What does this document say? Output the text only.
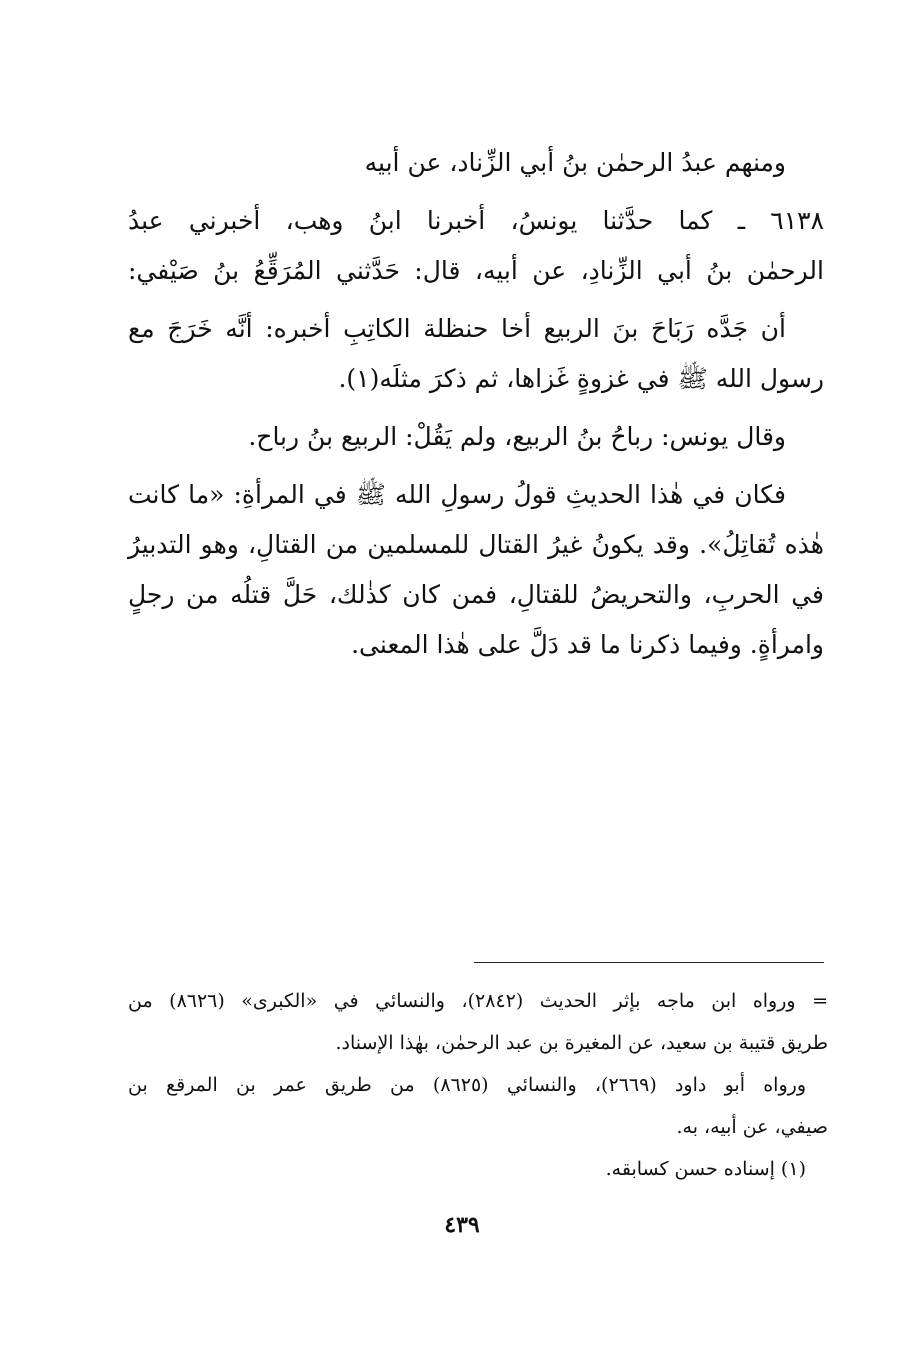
ومنهم عبدُ الرحمٰن بنُ أبي الزِّناد، عن أبيه
٦١٣٨ ـ كما حدَّثنا يونسُ، أخبرنا ابنُ وهب، أخبرني عبدُ
الرحمٰن بنُ أبي الزِّنادِ، عن أبيه، قال: حَدَّثني المُرَقِّعُ بنُ صَيْفي:
أن جَدَّه رَبَاحَ بنَ الربيع أخا حنظلة الكاتِبِ أخبره: أنَّه خَرَجَ مع
رسول الله ﷺ في غزوةٍ غَزاها، ثم ذكرَ مثلَه(١).
وقال يونس: رباحُ بنُ الربيع، ولم يَقُلْ: الربيع بنُ رباح.
فكان في هٰذا الحديثِ قولُ رسولِ الله ﷺ في المرأةِ: «ما كانت
هٰذه تُقاتِلُ». وقد يكونُ غيرُ القتال للمسلمين من القتالِ، وهو التدبيرُ
في الحربِ، والتحريضُ للقتالِ، فمن كان كذٰلك، حَلَّ قتلُه من رجلٍ
وامرأةٍ. وفيما ذكرنا ما قد دَلَّ على هٰذا المعنى.
= ورواه ابن ماجه بإثر الحديث (٢٨٤٢)، والنسائي في «الكبرى» (٨٦٢٦) من
طريق قتيبة بن سعيد، عن المغيرة بن عبد الرحمٰن، بهٰذا الإسناد.
ورواه أبو داود (٢٦٦٩)، والنسائي (٨٦٢٥) من طريق عمر بن المرقع بن
صيفي، عن أبيه، به.
(١) إسناده حسن كسابقه.
٤٣٩
